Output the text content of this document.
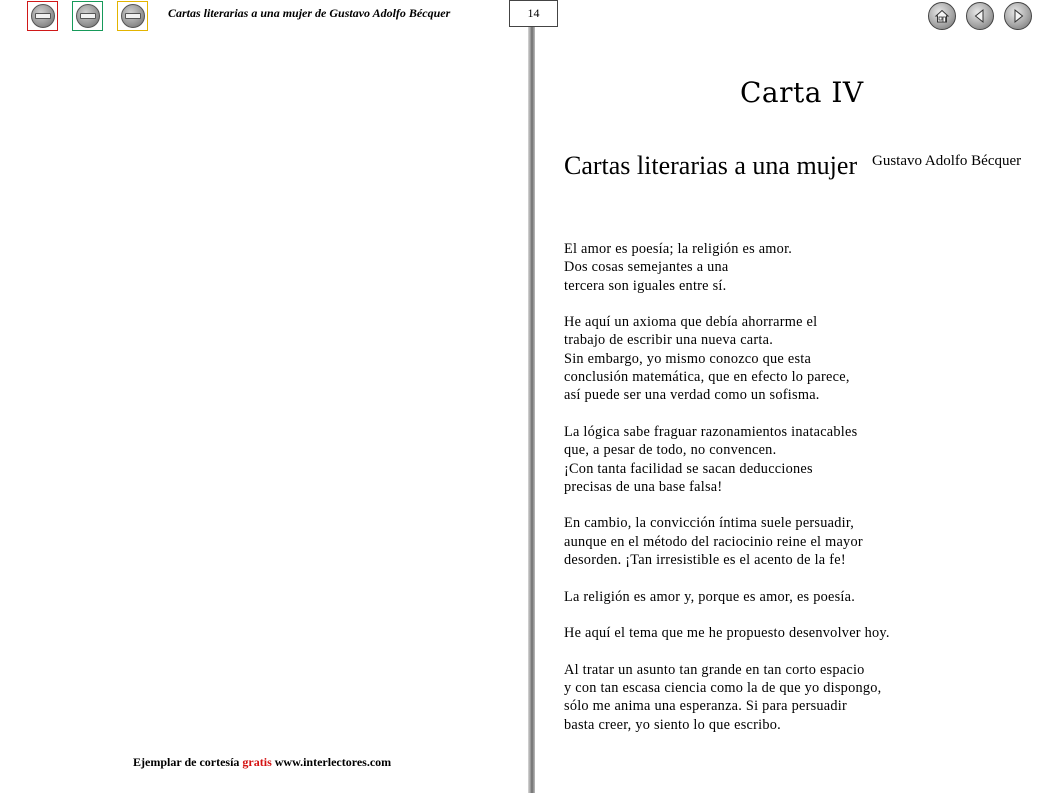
Cartas literarias a una mujer de Gustavo Adolfo Bécquer	14
Carta IV
Cartas literarias a una mujer Gustavo Adolfo Bécquer
El amor es poesía; la religión es amor.
Dos cosas semejantes a una
tercera son iguales entre sí.
He aquí un axioma que debía ahorrarme el
trabajo de escribir una nueva carta.
Sin embargo, yo mismo conozco que esta
conclusión matemática, que en efecto lo parece,
así puede ser una verdad como un sofisma.
La lógica sabe fraguar razonamientos inatacables
que, a pesar de todo, no convencen.
¡Con tanta facilidad se sacan deducciones
precisas de una base falsa!
En cambio, la convicción íntima suele persuadir,
aunque en el método del raciocinio reine el mayor
desorden. ¡Tan irresistible es el acento de la fe!
La religión es amor y, porque es amor, es poesía.
He aquí el tema que me he propuesto desenvolver hoy.
Al tratar un asunto tan grande en tan corto espacio
y con tan escasa ciencia como la de que yo dispongo,
sólo me anima una esperanza. Si para persuadir
basta creer, yo siento lo que escribo.
Ejemplar de cortesía gratis www.interlectores.com
